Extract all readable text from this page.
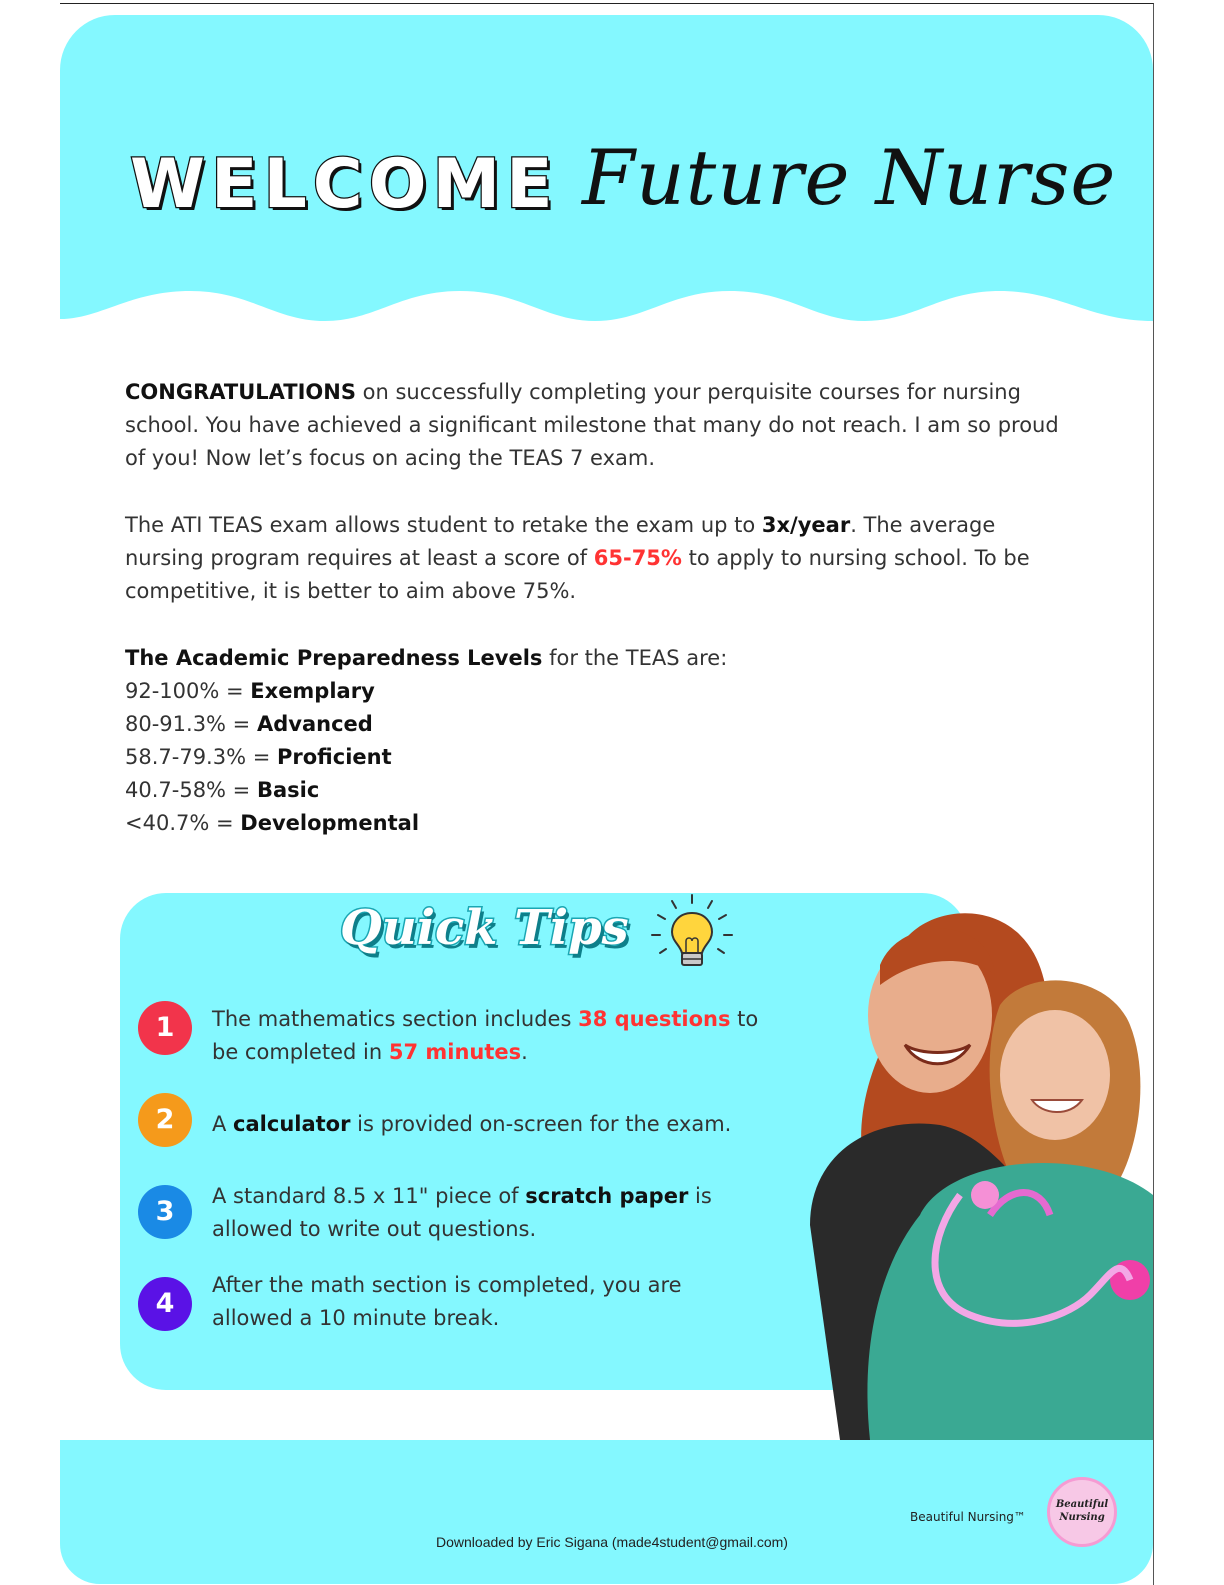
WELCOME Future Nurse
CONGRATULATIONS on successfully completing your perquisite courses for nursing school. You have achieved a significant milestone that many do not reach. I am so proud of you! Now let’s focus on acing the TEAS 7 exam.
The ATI TEAS exam allows student to retake the exam up to 3x/year. The average nursing program requires at least a score of 65-75% to apply to nursing school. To be competitive, it is better to aim above 75%.
The Academic Preparedness Levels for the TEAS are:
92-100% = Exemplary
80-91.3% = Advanced
58.7-79.3% = Proficient
40.7-58% = Basic
<40.7% = Developmental
Quick Tips
1	The mathematics section includes 38 questions to be completed in 57 minutes.
2	A calculator is provided on-screen for the exam.
3	A standard 8.5 x 11" piece of scratch paper is allowed to write out questions.
4
After the math section is completed, you are allowed a 10 minute break.
Beautiful Nursing™
Beautiful
Nursing
Downloaded by Eric Sigana (made4student@gmail.com)
